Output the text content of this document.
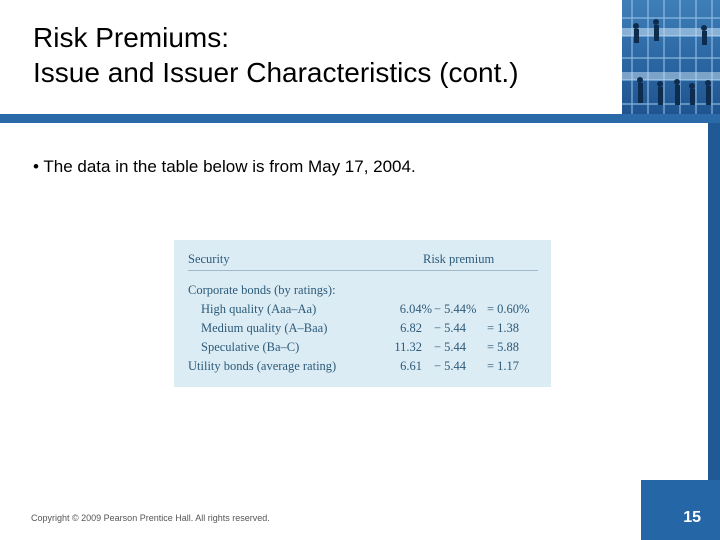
Risk Premiums:
Issue and Issuer Characteristics (cont.)
• The data in the table below is from May 17, 2004.
Security	Risk premium
Corporate bonds (by ratings):
High quality (Aaa–Aa)	6.04% − 5.44% = 0.60%
Medium quality (A–Baa)	6.82 − 5.44 = 1.38
Speculative (Ba–C)	11.32 − 5.44 = 5.88
Utility bonds (average rating)	6.61 − 5.44 = 1.17
Copyright © 2009 Pearson Prentice Hall. All rights reserved.	15
